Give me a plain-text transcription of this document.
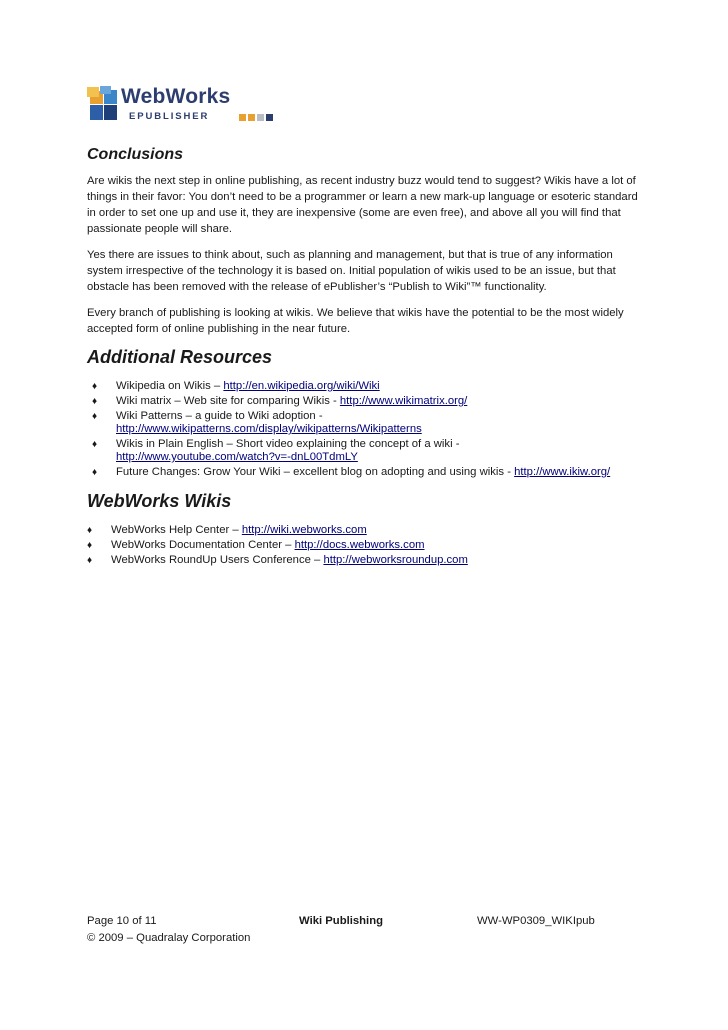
WebWorks
EPUBLISHER
Conclusions

Are wikis the next step in online publishing, as recent industry buzz would tend to suggest? Wikis have a lot of things in their favor: You don’t need to be a programmer or learn a new mark-up language or esoteric standard in order to set one up and use it, they are inexpensive (some are even free), and above all you will find that passionate people will share.

Yes there are issues to think about, such as planning and management, but that is true of any information system irrespective of the technology it is based on. Initial population of wikis used to be an issue, but that obstacle has been removed with the release of ePublisher’s “Publish to Wiki”™ functionality.

Every branch of publishing is looking at wikis. We believe that wikis have the potential to be the most widely accepted form of online publishing in the near future.

Additional Resources
♦ Wikipedia on Wikis – http://en.wikipedia.org/wiki/Wiki
♦ Wiki matrix – Web site for comparing Wikis - http://www.wikimatrix.org/
♦ Wiki Patterns – a guide to Wiki adoption -
http://www.wikipatterns.com/display/wikipatterns/Wikipatterns
♦ Wikis in Plain English – Short video explaining the concept of a wiki -
http://www.youtube.com/watch?v=-dnL00TdmLY
♦ Future Changes: Grow Your Wiki – excellent blog on adopting and using wikis - http://www.ikiw.org/
WebWorks Wikis
♦ WebWorks Help Center – http://wiki.webworks.com
♦ WebWorks Documentation Center – http://docs.webworks.com
♦ WebWorks RoundUp Users Conference – http://webworksroundup.com
Page 10 of 11	Wiki Publishing	WW-WP0309_WIKIpub
© 2009 – Quadralay Corporation
